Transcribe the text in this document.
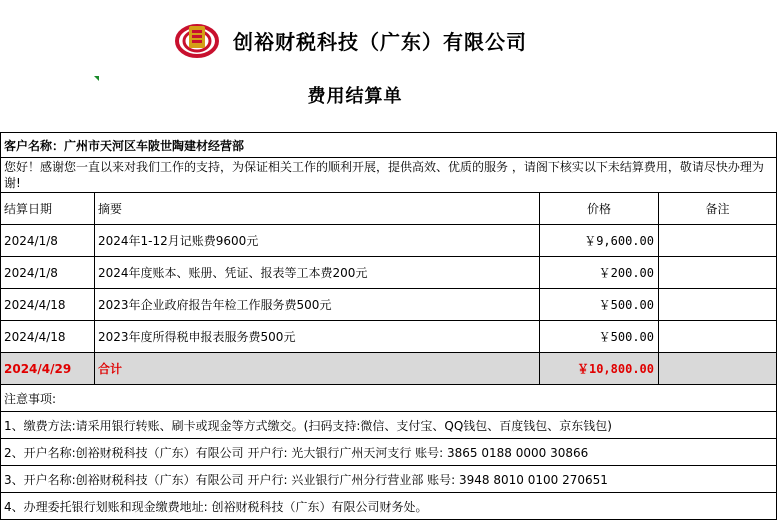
创裕财税科技（广东）有限公司
费用结算单
客户名称：广州市天河区车陂世陶建材经营部			
您好！感谢您一直以来对我们工作的支持，为保证相关工作的顺利开展，提供高效、优质的服务 ，请阁下核实以下未结算费用，敬请尽快办理为谢!			
结算日期	摘要	价格	备注
2024/1/8	2024年1-12月记账费9600元	￥9,600.00	
2024/1/8	2024年度账本、账册、凭证、报表等工本费200元	￥200.00	
2024/4/18	2023年企业政府报告年检工作服务费500元	￥500.00	
2024/4/18	2023年度所得税申报表服务费500元	￥500.00	
2024/4/29	合计	￥10,800.00	
注意事项:			
1、缴费方法:请采用银行转账、刷卡或现金等方式缴交。(扫码支持:微信、支付宝、QQ钱包、百度钱包、京东钱包)			
2、开户名称:创裕财税科技（广东）有限公司 开户行: 光大银行广州天河支行 账号: 3865 0188 0000 30866			
3、开户名称:创裕财税科技（广东）有限公司 开户行: 兴业银行广州分行营业部 账号: 3948 8010 0100 270651			
4、办理委托银行划账和现金缴费地址: 创裕财税科技（广东）有限公司财务处。			
